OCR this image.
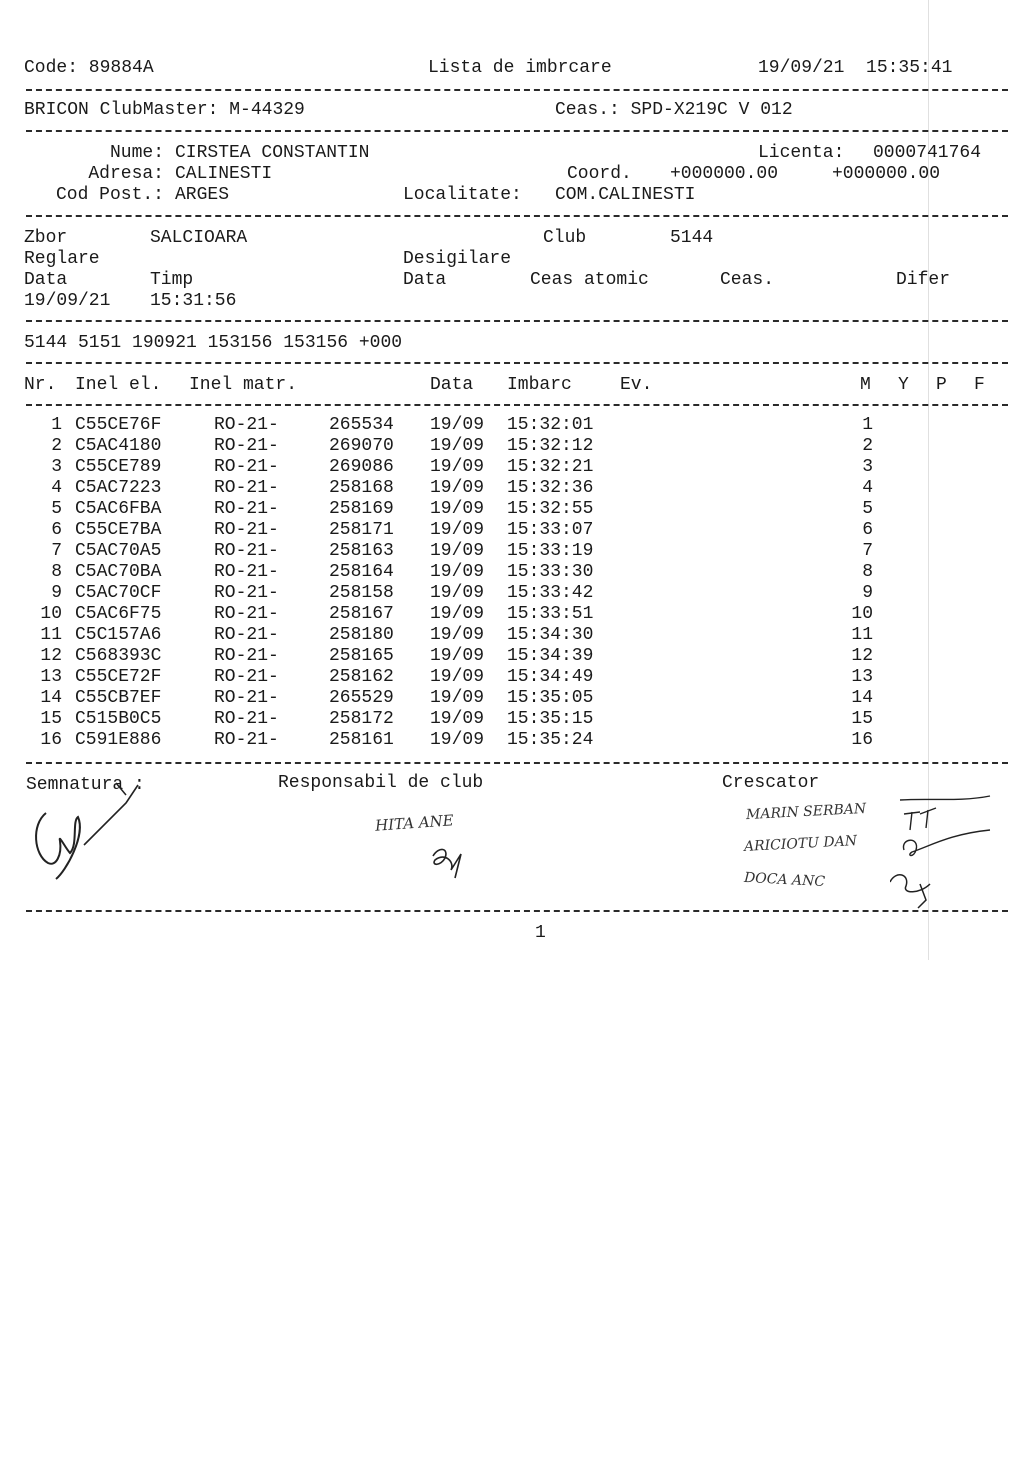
Code: 89884A	Lista de imbrcare	19/09/21  15:35:41
BRICON ClubMaster: M-44329	Ceas.: SPD-X219C V 012
Nume: CIRSTEA CONSTANTIN	Licenta: 0000741764
Adresa: CALINESTI	Coord. +000000.00	+000000.00
Cod Post.: ARGES	Localitate: COM.CALINESTI
Zbor	SALCIOARA	Club	5144
Reglare	Desigilare
Data	Timp	Data	Ceas atomic	Ceas.	Difer
19/09/21 15:31:56
5144 5151 190921 153156 153156 +000
Nr. Inel el. Inel matr.	Data Imbarc	Ev.	M Y P F
1 C55CE76F	RO-21-	265534 19/09 15:32:01	1
2 C5AC4180	RO-21-	269070 19/09 15:32:12	2
3 C55CE789	RO-21-	269086 19/09 15:32:21	3
4 C5AC7223	RO-21-	258168 19/09 15:32:36	4
5 C5AC6FBA	RO-21-	258169 19/09 15:32:55	5
6 C55CE7BA	RO-21-	258171 19/09 15:33:07	6
7 C5AC70A5	RO-21-	258163 19/09 15:33:19	7
8 C5AC70BA	RO-21-	258164 19/09 15:33:30	8
9 C5AC70CF	RO-21-	258158 19/09 15:33:42	9
10 C5AC6F75	RO-21-	258167 19/09 15:33:51	10
11 C5C157A6	RO-21-	258180 19/09 15:34:30	11
12 C568393C	RO-21-	258165 19/09 15:34:39	12
13 C55CE72F	RO-21-	258162 19/09 15:34:49	13
14 C55CB7EF	RO-21-	265529 19/09 15:35:05	14
15 C515B0C5	RO-21-	258172 19/09 15:35:15	15
16 C591E886	RO-21-	258161 19/09 15:35:24	16
Semnatura :	Responsabil de club	Crescator
HITA ANE	MARIN SERBAN
ARICIOTU DAN
DOCA ANC
1
